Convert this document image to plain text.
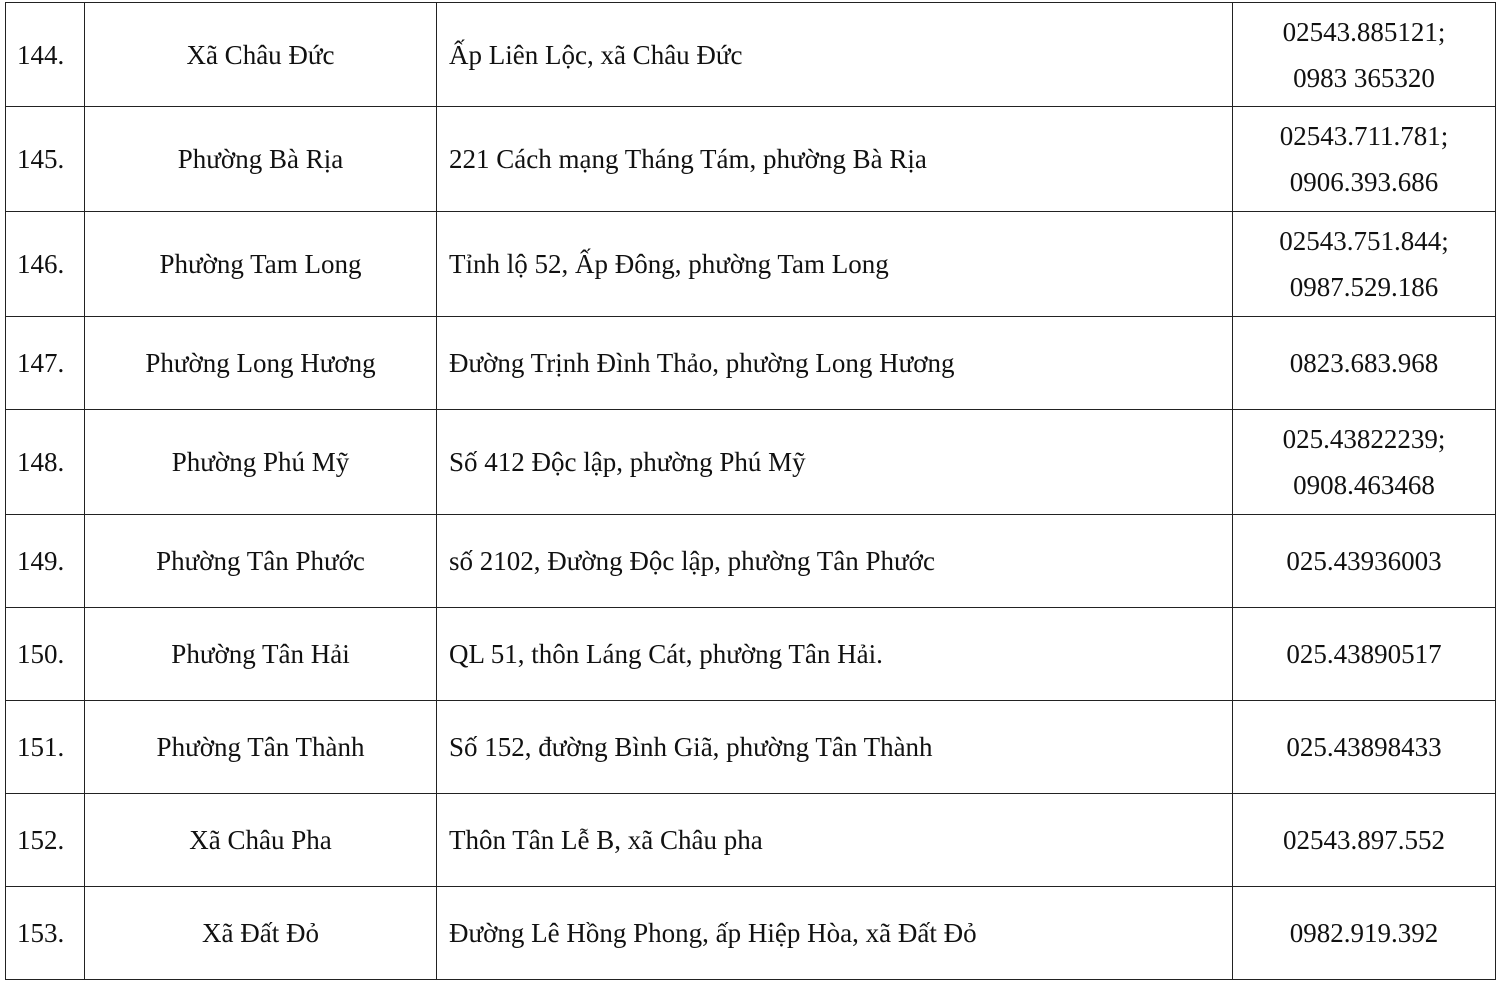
144.	Xã Châu Đức	Ấp Liên Lộc, xã Châu Đức	02543.885121;
0983 365320

145.	Phường Bà Rịa	221 Cách mạng Tháng Tám, phường Bà Rịa	02543.711.781;
0906.393.686

146.	Phường Tam Long	Tỉnh lộ 52, Ấp Đông, phường Tam Long	02543.751.844;
0987.529.186

147.	Phường Long Hương	Đường Trịnh Đình Thảo, phường Long Hương	0823.683.968

148.	Phường Phú Mỹ	Số 412 Độc lập, phường Phú Mỹ	025.43822239;
0908.463468

149.	Phường Tân Phước	số 2102, Đường Độc lập, phường Tân Phước	025.43936003

150.	Phường Tân Hải	QL 51, thôn Láng Cát, phường Tân Hải.	025.43890517

151.	Phường Tân Thành	Số 152, đường Bình Giã, phường Tân Thành	025.43898433

152.	Xã Châu Pha	Thôn Tân Lễ B, xã Châu pha	02543.897.552

153.	Xã Đất Đỏ	Đường Lê Hồng Phong, ấp Hiệp Hòa, xã Đất Đỏ	0982.919.392
